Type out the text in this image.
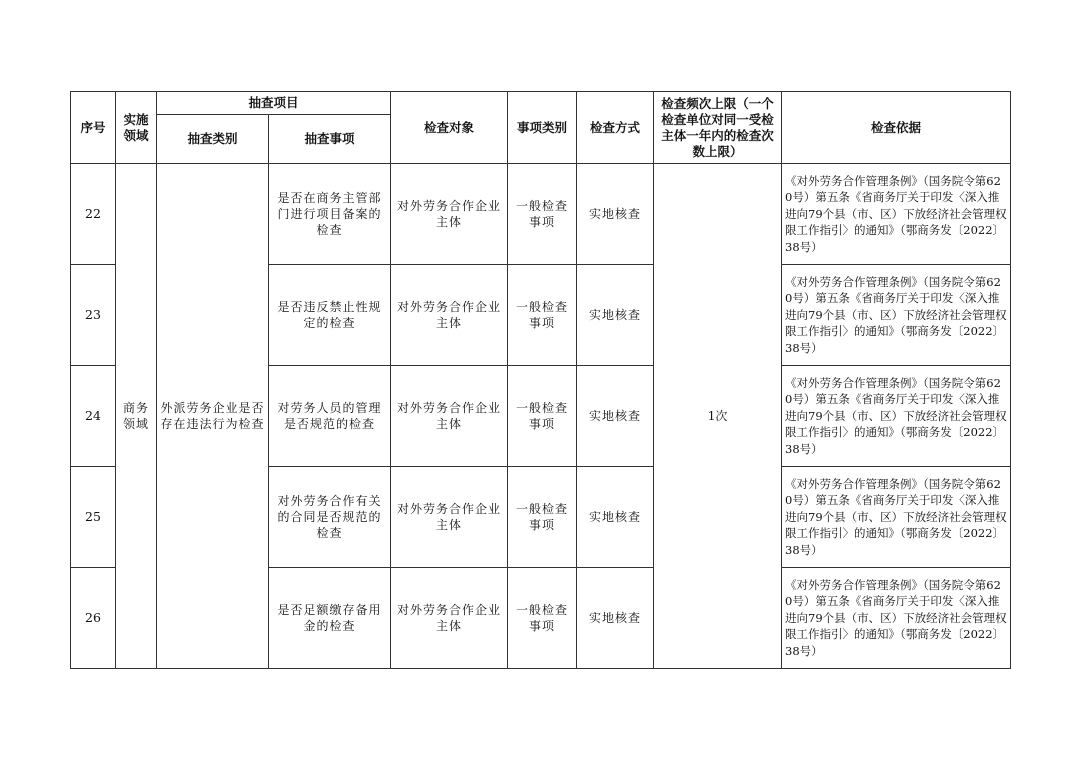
序号	实施领域	抽查项目		检查对象	事项类别	检查方式	检查频次上限（一个检查单位对同一受检主体一年内的检查次数上限）	检查依据
		抽查类别	抽查事项					
22	商务领域	外派劳务企业是否存在违法行为检查	是否在商务主管部门进行项目备案的检查	对外劳务合作企业主体	一般检查事项	实地核查	1次	《对外劳务合作管理条例》（国务院令第620号）第五条《省商务厅关于印发〈深入推进向79个县（市、区）下放经济社会管理权限工作指引〉的通知》（鄂商务发〔2022〕38号）
23			是否违反禁止性规定的检查	对外劳务合作企业主体	一般检查事项	实地核查		《对外劳务合作管理条例》（国务院令第620号）第五条《省商务厅关于印发〈深入推进向79个县（市、区）下放经济社会管理权限工作指引〉的通知》（鄂商务发〔2022〕38号）
24			对劳务人员的管理是否规范的检查	对外劳务合作企业主体	一般检查事项	实地核查		《对外劳务合作管理条例》（国务院令第620号）第五条《省商务厅关于印发〈深入推进向79个县（市、区）下放经济社会管理权限工作指引〉的通知》（鄂商务发〔2022〕38号）
25			对外劳务合作有关的合同是否规范的检查	对外劳务合作企业主体	一般检查事项	实地核查		《对外劳务合作管理条例》（国务院令第620号）第五条《省商务厅关于印发〈深入推进向79个县（市、区）下放经济社会管理权限工作指引〉的通知》（鄂商务发〔2022〕38号）
26			是否足额缴存备用金的检查	对外劳务合作企业主体	一般检查事项	实地核查		《对外劳务合作管理条例》（国务院令第620号）第五条《省商务厅关于印发〈深入推进向79个县（市、区）下放经济社会管理权限工作指引〉的通知》（鄂商务发〔2022〕38号）
